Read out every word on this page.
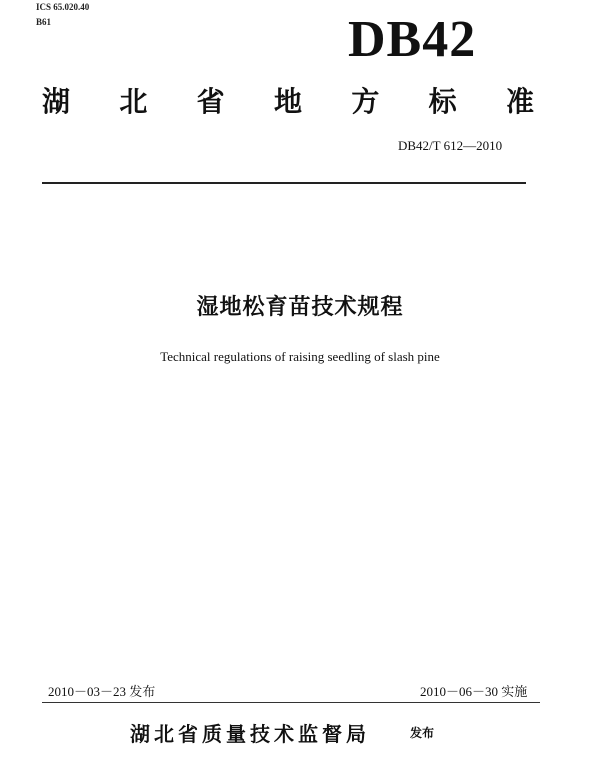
ICS 65.020.40
B61	DB42
湖 北 省 地 方 标 准
DB42/T 612—2010
湿地松育苗技术规程
Technical regulations of raising seedling of slash pine
2010－03－23 发布	2010－06－30 实施
湖北省质量技术监督局	发布
